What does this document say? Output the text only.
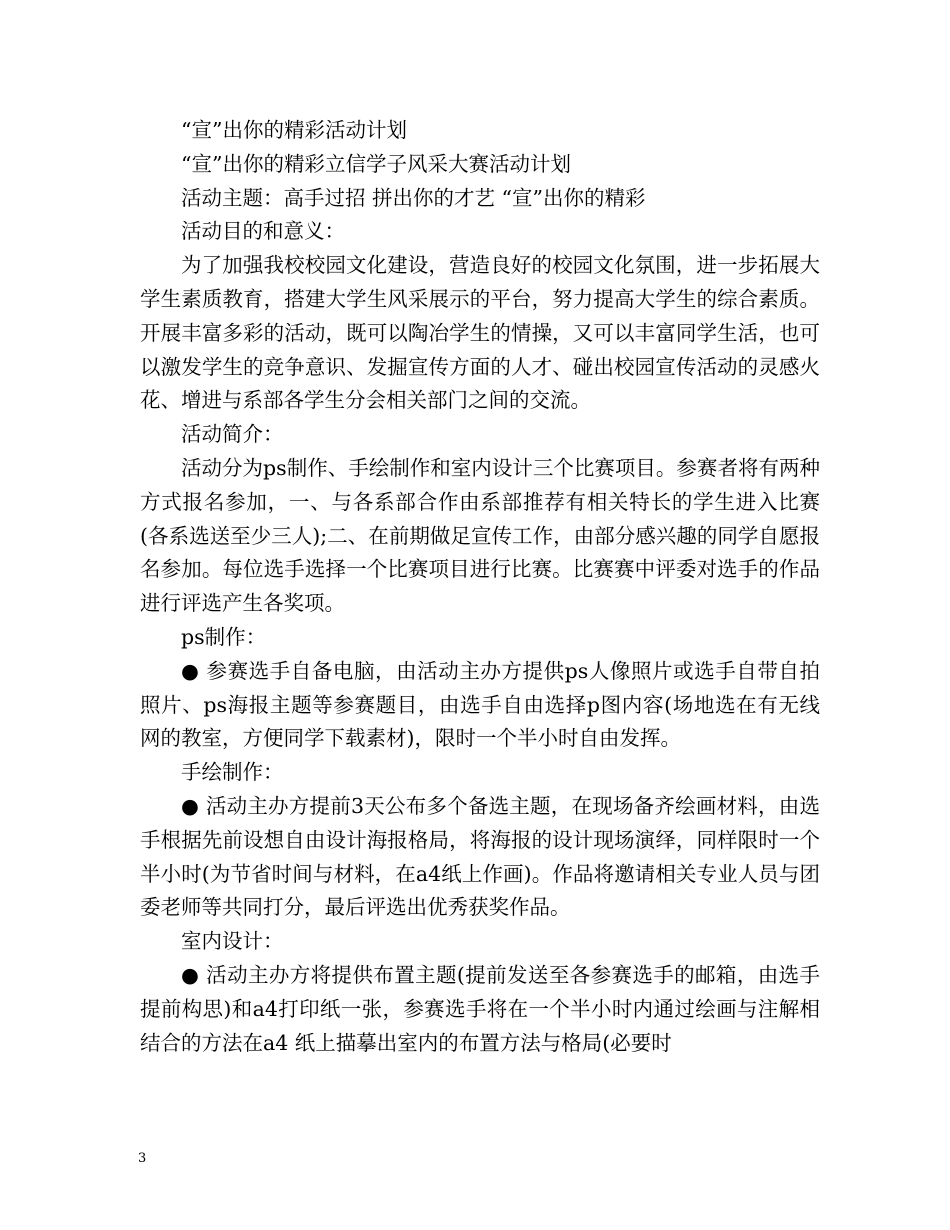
“宣”出你的精彩活动计划

“宣”出你的精彩立信学子风采大赛活动计划

活动主题：高手过招 拼出你的才艺 “宣”出你的精彩

活动目的和意义：

为了加强我校校园文化建设，营造良好的校园文化氛围，进一步拓展大学生素质教育，搭建大学生风采展示的平台，努力提高大学生的综合素质。开展丰富多彩的活动，既可以陶冶学生的情操，又可以丰富同学生活，也可以激发学生的竞争意识、发掘宣传方面的人才、碰出校园宣传活动的灵感火花、增进与系部各学生分会相关部门之间的交流。

活动简介：

活动分为ps制作、手绘制作和室内设计三个比赛项目。参赛者将有两种方式报名参加，一、与各系部合作由系部推荐有相关特长的学生进入比赛(各系选送至少三人);二、在前期做足宣传工作，由部分感兴趣的同学自愿报名参加。每位选手选择一个比赛项目进行比赛。比赛赛中评委对选手的作品进行评选产生各奖项。

ps制作：

● 参赛选手自备电脑，由活动主办方提供ps人像照片或选手自带自拍照片、ps海报主题等参赛题目，由选手自由选择p图内容(场地选在有无线网的教室，方便同学下载素材)，限时一个半小时自由发挥。

手绘制作：

● 活动主办方提前3天公布多个备选主题，在现场备齐绘画材料，由选手根据先前设想自由设计海报格局，将海报的设计现场演绎，同样限时一个半小时(为节省时间与材料，在a4纸上作画)。作品将邀请相关专业人员与团委老师等共同打分，最后评选出优秀获奖作品。

室内设计：

● 活动主办方将提供布置主题(提前发送至各参赛选手的邮箱，由选手提前构思)和a4打印纸一张，参赛选手将在一个半小时内通过绘画与注解相结合的方法在a4 纸上描摹出室内的布置方法与格局(必要时

3
